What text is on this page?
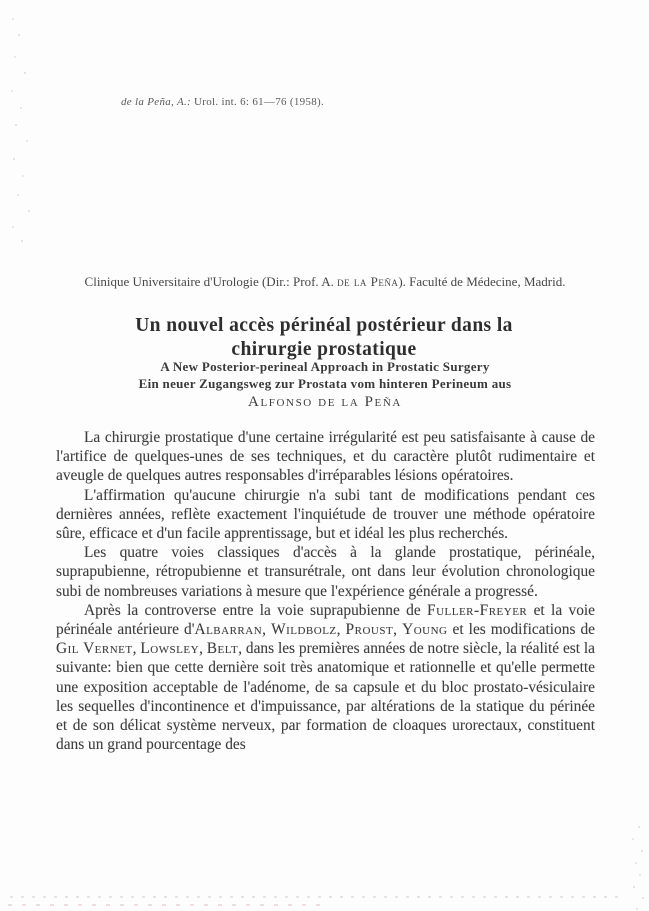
de la Peña, A.: Urol. int. 6: 61—76 (1958).
Clinique Universitaire d'Urologie (Dir.: Prof. A. de la Peña). Faculté de Médecine, Madrid.
Un nouvel accès périnéal postérieur dans la chirurgie prostatique
A New Posterior-perineal Approach in Prostatic Surgery
Ein neuer Zugangsweg zur Prostata vom hinteren Perineum aus
Alfonso de la Peña

La chirurgie prostatique d'une certaine irrégularité est peu satisfaisante à cause de l'artifice de quelques-unes de ses techniques, et du caractère plutôt rudimentaire et aveugle de quelques autres responsables d'irréparables lésions opératoires.

L'affirmation qu'aucune chirurgie n'a subi tant de modifications pendant ces dernières années, reflète exactement l'inquiétude de trouver une méthode opératoire sûre, efficace et d'un facile apprentissage, but et idéal les plus recherchés.

Les quatre voies classiques d'accès à la glande prostatique, périnéale, suprapubienne, rétropubienne et transurétrale, ont dans leur évolution chronologique subi de nombreuses variations à mesure que l'expérience générale a progressé.

Après la controverse entre la voie suprapubienne de Fuller-Freyer et la voie périnéale antérieure d'Albarran, Wildbolz, Proust, Young et les modifications de Gil Vernet, Lowsley, Belt, dans les premières années de notre siècle, la réalité est la suivante: bien que cette dernière soit très anatomique et rationnelle et qu'elle permette une exposition acceptable de l'adénome, de sa capsule et du bloc prostato-vésiculaire les sequelles d'incontinence et d'impuissance, par altérations de la statique du périnée et de son délicat système nerveux, par formation de cloaques urorectaux, constituent dans un grand pourcentage des
